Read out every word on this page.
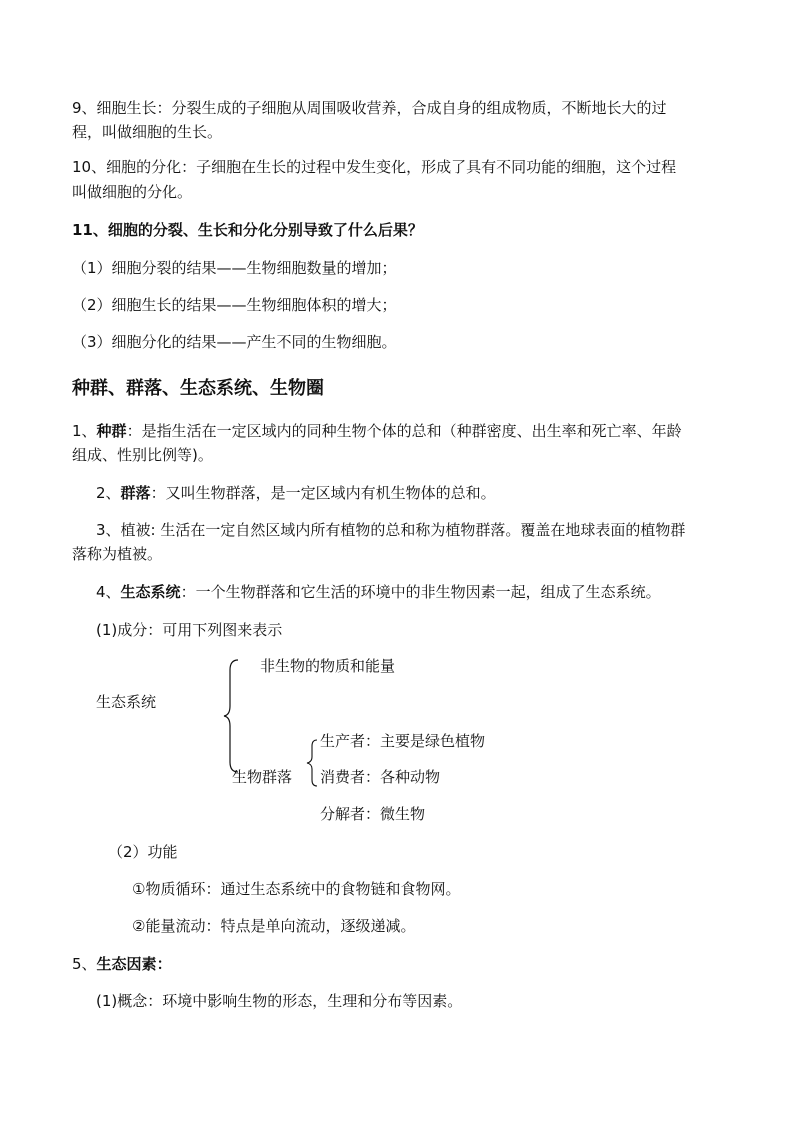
9、细胞生长：分裂生成的子细胞从周围吸收营养，合成自身的组成物质，不断地长大的过
程，叫做细胞的生长。
10、细胞的分化：子细胞在生长的过程中发生变化，形成了具有不同功能的细胞，这个过程
叫做细胞的分化。
11、细胞的分裂、生长和分化分别导致了什么后果？
（1）细胞分裂的结果——生物细胞数量的增加；
（2）细胞生长的结果——生物细胞体积的增大；
（3）细胞分化的结果——产生不同的生物细胞。
种群、群落、生态系统、生物圈
1、种群：是指生活在一定区域内的同种生物个体的总和（种群密度、出生率和死亡率、年龄
组成、性别比例等)。
2、群落：又叫生物群落，是一定区域内有机生物体的总和。
3、植被: 生活在一定自然区域内所有植物的总和称为植物群落。覆盖在地球表面的植物群
落称为植被。
4、生态系统：一个生物群落和它生活的环境中的非生物因素一起，组成了生态系统。
(1)成分：可用下列图来表示
生态系统
非生物的物质和能量
生物群落
生产者：主要是绿色植物
消费者：各种动物
分解者：微生物
（2）功能
①物质循环：通过生态系统中的食物链和食物网。
②能量流动：特点是单向流动，逐级递减。
5、生态因素：
(1)概念：环境中影响生物的形态，生理和分布等因素。
